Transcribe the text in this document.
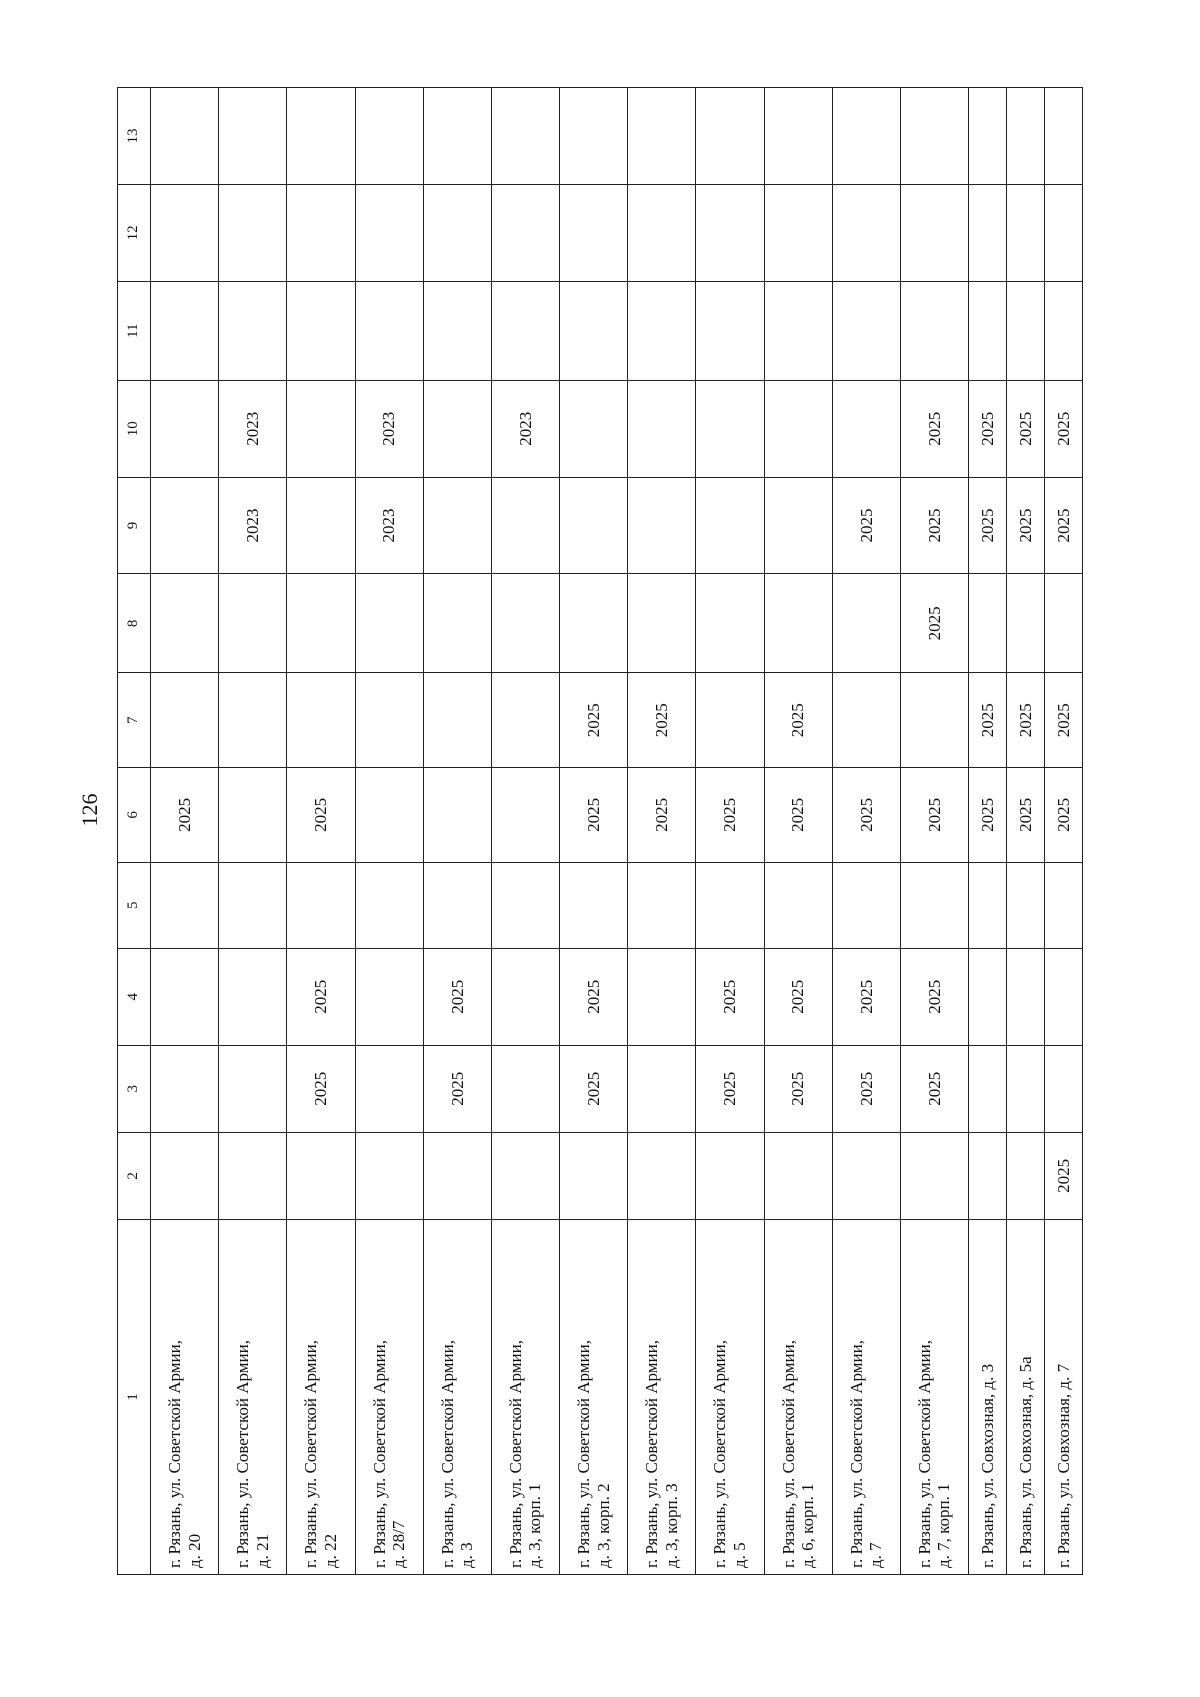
126
1	2	3	4	5	6	7	8	9	10	11	12	13
г. Рязань, ул. Советской Армии,
д. 20					2025							
г. Рязань, ул. Советской Армии,
д. 21								2023	2023			
г. Рязань, ул. Советской Армии,
д. 22		2025	2025		2025							
г. Рязань, ул. Советской Армии,
д. 28/7								2023	2023			
г. Рязань, ул. Советской Армии,
д. 3		2025	2025									
г. Рязань, ул. Советской Армии,
д. 3, корп. 1									2023			
г. Рязань, ул. Советской Армии,
д. 3, корп. 2		2025	2025		2025	2025						
г. Рязань, ул. Советской Армии,
д. 3, корп. 3					2025	2025						
г. Рязань, ул. Советской Армии,
д. 5		2025	2025		2025							
г. Рязань, ул. Советской Армии,
д. 6, корп. 1		2025	2025		2025	2025						
г. Рязань, ул. Советской Армии,
д. 7		2025	2025		2025			2025				
г. Рязань, ул. Советской Армии,
д. 7, корп. 1		2025	2025		2025		2025	2025	2025			
г. Рязань, ул. Совхозная, д. 3					2025	2025		2025	2025			
г. Рязань, ул. Совхозная, д. 5а					2025	2025		2025	2025			
г. Рязань, ул. Совхозная, д. 7	2025				2025	2025		2025	2025			
